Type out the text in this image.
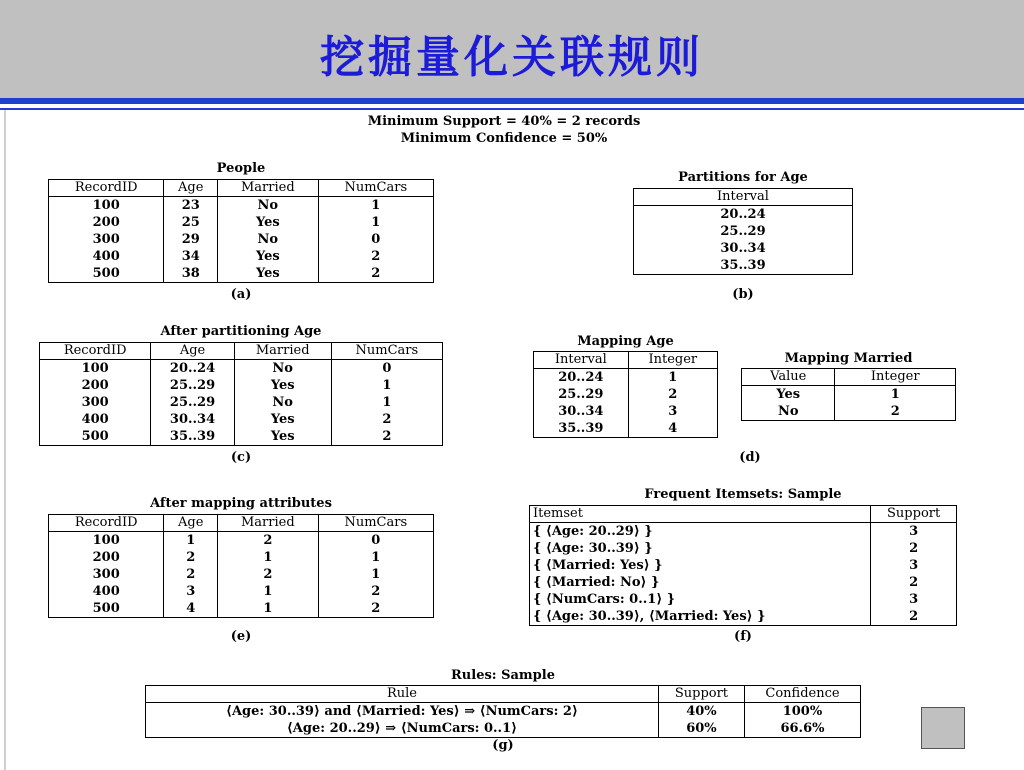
挖掘量化关联规则
Minimum Support = 40% = 2 records
Minimum Confidence = 50%
People
RecordID	Age	Married	NumCars
100	23	No	1
200	25	Yes	1
300	29	No	0
400	34	Yes	2
500	38	Yes	2
(a)
Partitions for Age
Interval
20..24
25..29
30..34
35..39
(b)
After partitioning Age
RecordID	Age	Married	NumCars
100	20..24	No	0
200	25..29	Yes	1
300	25..29	No	1
400	30..34	Yes	2
500	35..39	Yes	2
(c)
Mapping Age
Interval	Integer
20..24	1
25..29	2
30..34	3
35..39	4
Mapping Married
Value	Integer
Yes	1
No	2
(d)
After mapping attributes
RecordID	Age	Married	NumCars
100	1	2	0
200	2	1	1
300	2	2	1
400	3	1	2
500	4	1	2
(e)
Frequent Itemsets: Sample
Itemset	Support
{ ⟨Age: 20..29⟩ }	3
{ ⟨Age: 30..39⟩ }	2
{ ⟨Married: Yes⟩ }	3
{ ⟨Married: No⟩ }	2
{ ⟨NumCars: 0..1⟩ }	3
{ ⟨Age: 30..39⟩, ⟨Married: Yes⟩ }	2
(f)
Rules: Sample
Rule	Support	Confidence
⟨Age: 30..39⟩ and ⟨Married: Yes⟩ ⇒ ⟨NumCars: 2⟩	40%	100%
⟨Age: 20..29⟩ ⇒ ⟨NumCars: 0..1⟩	60%	66.6%
(g)
